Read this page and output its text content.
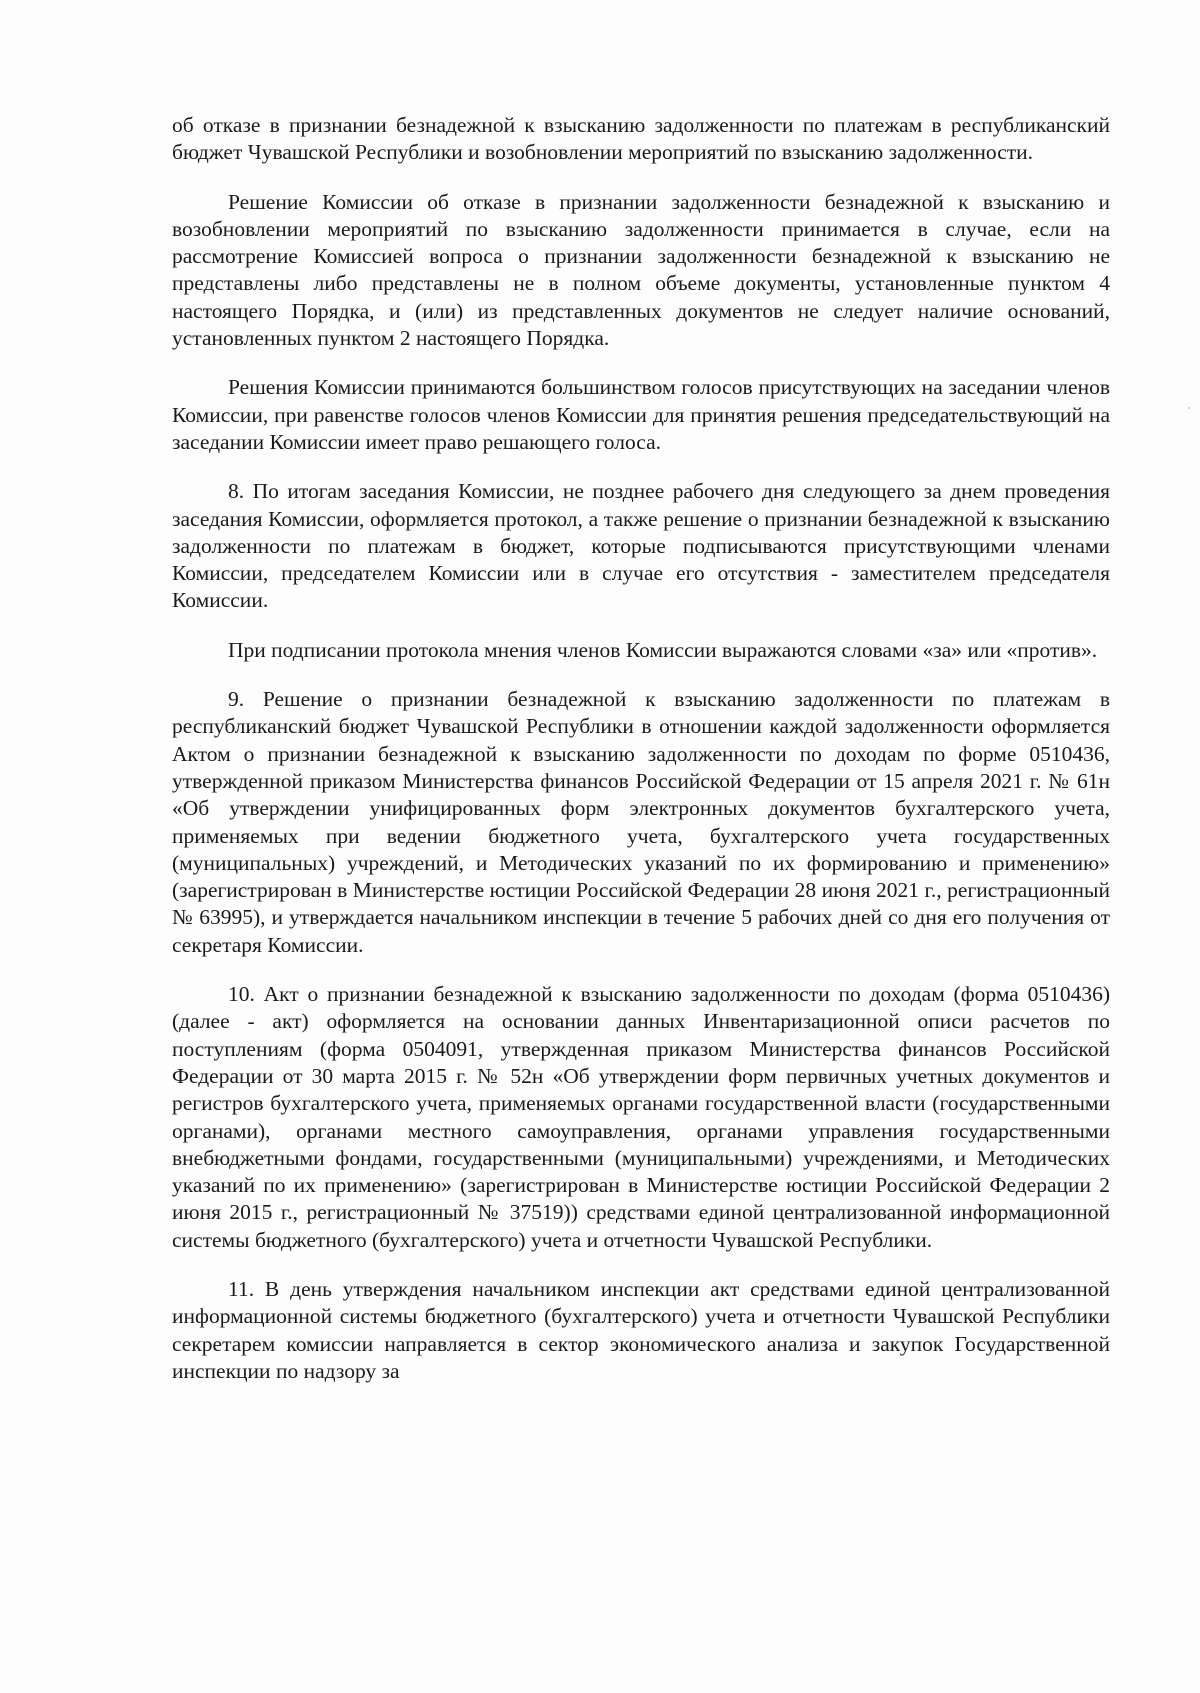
об отказе в признании безнадежной к взысканию задолженности по платежам в республиканский бюджет Чувашской Республики и возобновлении мероприятий по взысканию задолженности.

Решение Комиссии об отказе в признании задолженности безнадежной к взысканию и возобновлении мероприятий по взысканию задолженности принимается в случае, если на рассмотрение Комиссией вопроса о признании задолженности безнадежной к взысканию не представлены либо представлены не в полном объеме документы, установленные пунктом 4 настоящего Порядка, и (или) из представленных документов не следует наличие оснований, установленных пунктом 2 настоящего Порядка.

Решения Комиссии принимаются большинством голосов присутствующих на заседании членов Комиссии, при равенстве голосов членов Комиссии для принятия решения председательствующий на заседании Комиссии имеет право решающего голоса.

8. По итогам заседания Комиссии, не позднее рабочего дня следующего за днем проведения заседания Комиссии, оформляется протокол, а также решение о признании безнадежной к взысканию задолженности по платежам в бюджет, которые подписываются присутствующими членами Комиссии, председателем Комиссии или в случае его отсутствия - заместителем председателя Комиссии.

При подписании протокола мнения членов Комиссии выражаются словами «за» или «против».

9. Решение о признании безнадежной к взысканию задолженности по платежам в республиканский бюджет Чувашской Республики в отношении каждой задолженности оформляется Актом о признании безнадежной к взысканию задолженности по доходам по форме 0510436, утвержденной приказом Министерства финансов Российской Федерации от 15 апреля 2021 г. № 61н «Об утверждении унифицированных форм электронных документов бухгалтерского учета, применяемых при ведении бюджетного учета, бухгалтерского учета государственных (муниципальных) учреждений, и Методических указаний по их формированию и применению» (зарегистрирован в Министерстве юстиции Российской Федерации 28 июня 2021 г., регистрационный № 63995), и утверждается начальником инспекции в течение 5 рабочих дней со дня его получения от секретаря Комиссии.

10. Акт о признании безнадежной к взысканию задолженности по доходам (форма 0510436) (далее - акт) оформляется на основании данных Инвентаризационной описи расчетов по поступлениям (форма 0504091, утвержденная приказом Министерства финансов Российской Федерации от 30 марта 2015 г. № 52н «Об утверждении форм первичных учетных документов и регистров бухгалтерского учета, применяемых органами государственной власти (государственными органами), органами местного самоуправления, органами управления государственными внебюджетными фондами, государственными (муниципальными) учреждениями, и Методических указаний по их применению» (зарегистрирован в Министерстве юстиции Российской Федерации 2 июня 2015 г., регистрационный № 37519)) средствами единой централизованной информационной системы бюджетного (бухгалтерского) учета и отчетности Чувашской Республики.

11. В день утверждения начальником инспекции акт средствами единой централизованной информационной системы бюджетного (бухгалтерского) учета и отчетности Чувашской Республики секретарем комиссии направляется в сектор экономического анализа и закупок Государственной инспекции по надзору за
